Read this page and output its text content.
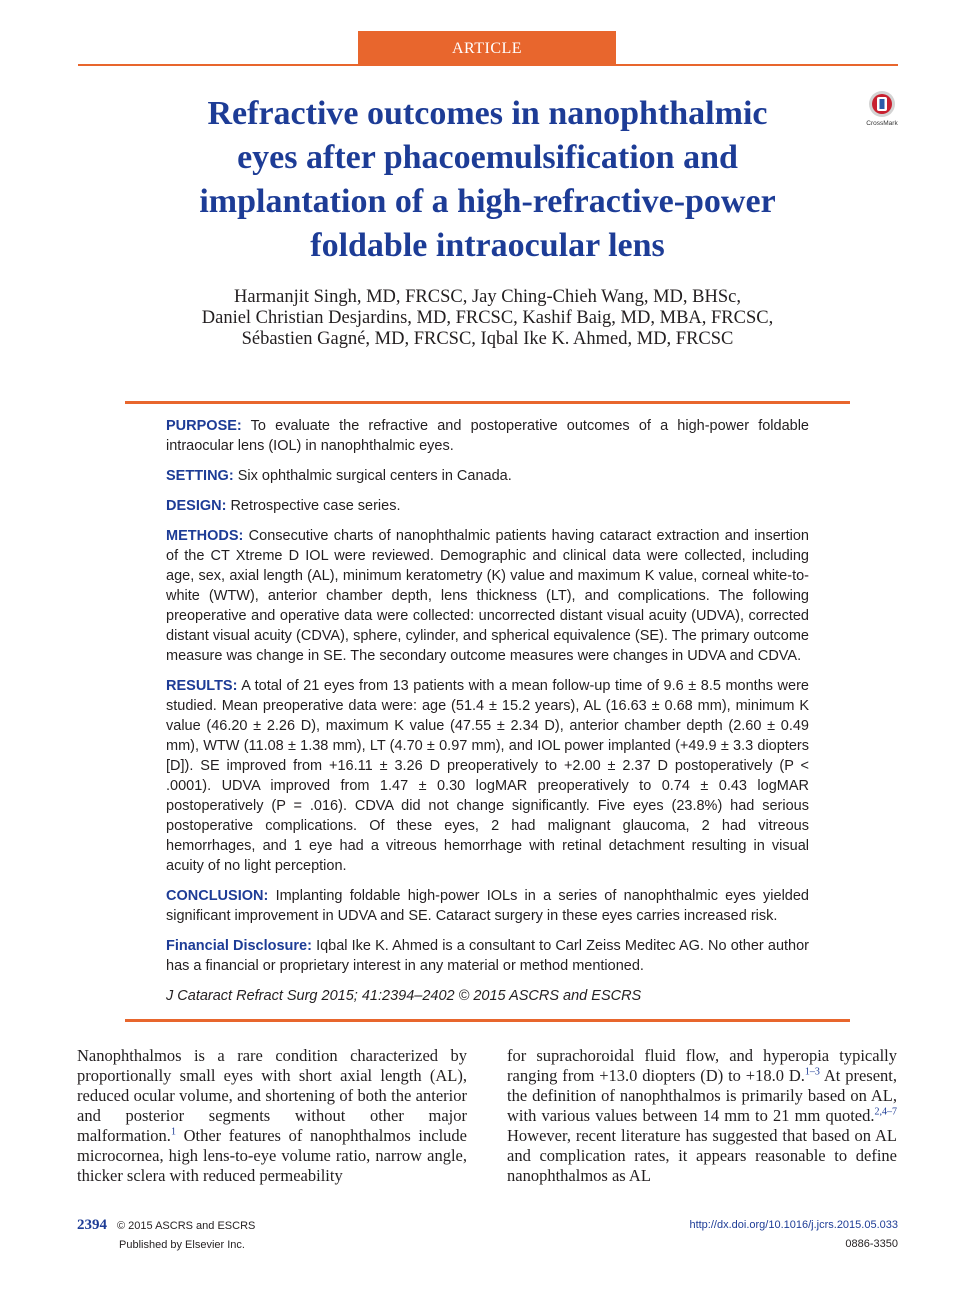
ARTICLE
CrossMark
Refractive outcomes in nanophthalmic
eyes after phacoemulsification and
implantation of a high-refractive-power
foldable intraocular lens
Harmanjit Singh, MD, FRCSC, Jay Ching-Chieh Wang, MD, BHSc,
Daniel Christian Desjardins, MD, FRCSC, Kashif Baig, MD, MBA, FRCSC,
Sébastien Gagné, MD, FRCSC, Iqbal Ike K. Ahmed, MD, FRCSC

PURPOSE: To evaluate the refractive and postoperative outcomes of a high-power foldable intraocular lens (IOL) in nanophthalmic eyes.

SETTING: Six ophthalmic surgical centers in Canada.

DESIGN: Retrospective case series.

METHODS: Consecutive charts of nanophthalmic patients having cataract extraction and insertion of the CT Xtreme D IOL were reviewed. Demographic and clinical data were collected, including age, sex, axial length (AL), minimum keratometry (K) value and maximum K value, corneal white-to-white (WTW), anterior chamber depth, lens thickness (LT), and complications. The following preoperative and operative data were collected: uncorrected distant visual acuity (UDVA), corrected distant visual acuity (CDVA), sphere, cylinder, and spherical equivalence (SE). The primary outcome measure was change in SE. The secondary outcome measures were changes in UDVA and CDVA.

RESULTS: A total of 21 eyes from 13 patients with a mean follow-up time of 9.6 ± 8.5 months were studied. Mean preoperative data were: age (51.4 ± 15.2 years), AL (16.63 ± 0.68 mm), minimum K value (46.20 ± 2.26 D), maximum K value (47.55 ± 2.34 D), anterior chamber depth (2.60 ± 0.49 mm), WTW (11.08 ± 1.38 mm), LT (4.70 ± 0.97 mm), and IOL power implanted (+49.9 ± 3.3 diopters [D]). SE improved from +16.11 ± 3.26 D preoperatively to +2.00 ± 2.37 D postoperatively (P < .0001). UDVA improved from 1.47 ± 0.30 logMAR preoperatively to 0.74 ± 0.43 logMAR postoperatively (P = .016). CDVA did not change significantly. Five eyes (23.8%) had serious postoperative complications. Of these eyes, 2 had malignant glaucoma, 2 had vitreous hemorrhages, and 1 eye had a vitreous hemorrhage with retinal detachment resulting in visual acuity of no light perception.

CONCLUSION: Implanting foldable high-power IOLs in a series of nanophthalmic eyes yielded significant improvement in UDVA and SE. Cataract surgery in these eyes carries increased risk.

Financial Disclosure: Iqbal Ike K. Ahmed is a consultant to Carl Zeiss Meditec AG. No other author has a financial or proprietary interest in any material or method mentioned.

J Cataract Refract Surg 2015; 41:2394–2402 © 2015 ASCRS and ESCRS

Nanophthalmos is a rare condition characterized by proportionally small eyes with short axial length (AL), reduced ocular volume, and shortening of both the anterior and posterior segments without other major malformation.$^1$ Other features of nanophthalmos include microcornea, high lens-to-eye volume ratio, narrow angle, thicker sclera with reduced permeability
for suprachoroidal fluid flow, and hyperopia typically ranging from +13.0 diopters (D) to +18.0 D.$^{1-3}$ At present, the definition of nanophthalmos is primarily based on AL, with various values between 14 mm to 21 mm quoted.$^{2,4-7}$ However, recent literature has suggested that based on AL and complication rates, it appears reasonable to define nanophthalmos as AL
2394 © 2015 ASCRS and ESCRS
Published by Elsevier Inc.
http://dx.doi.org/10.1016/j.jcrs.2015.05.033
0886-3350
